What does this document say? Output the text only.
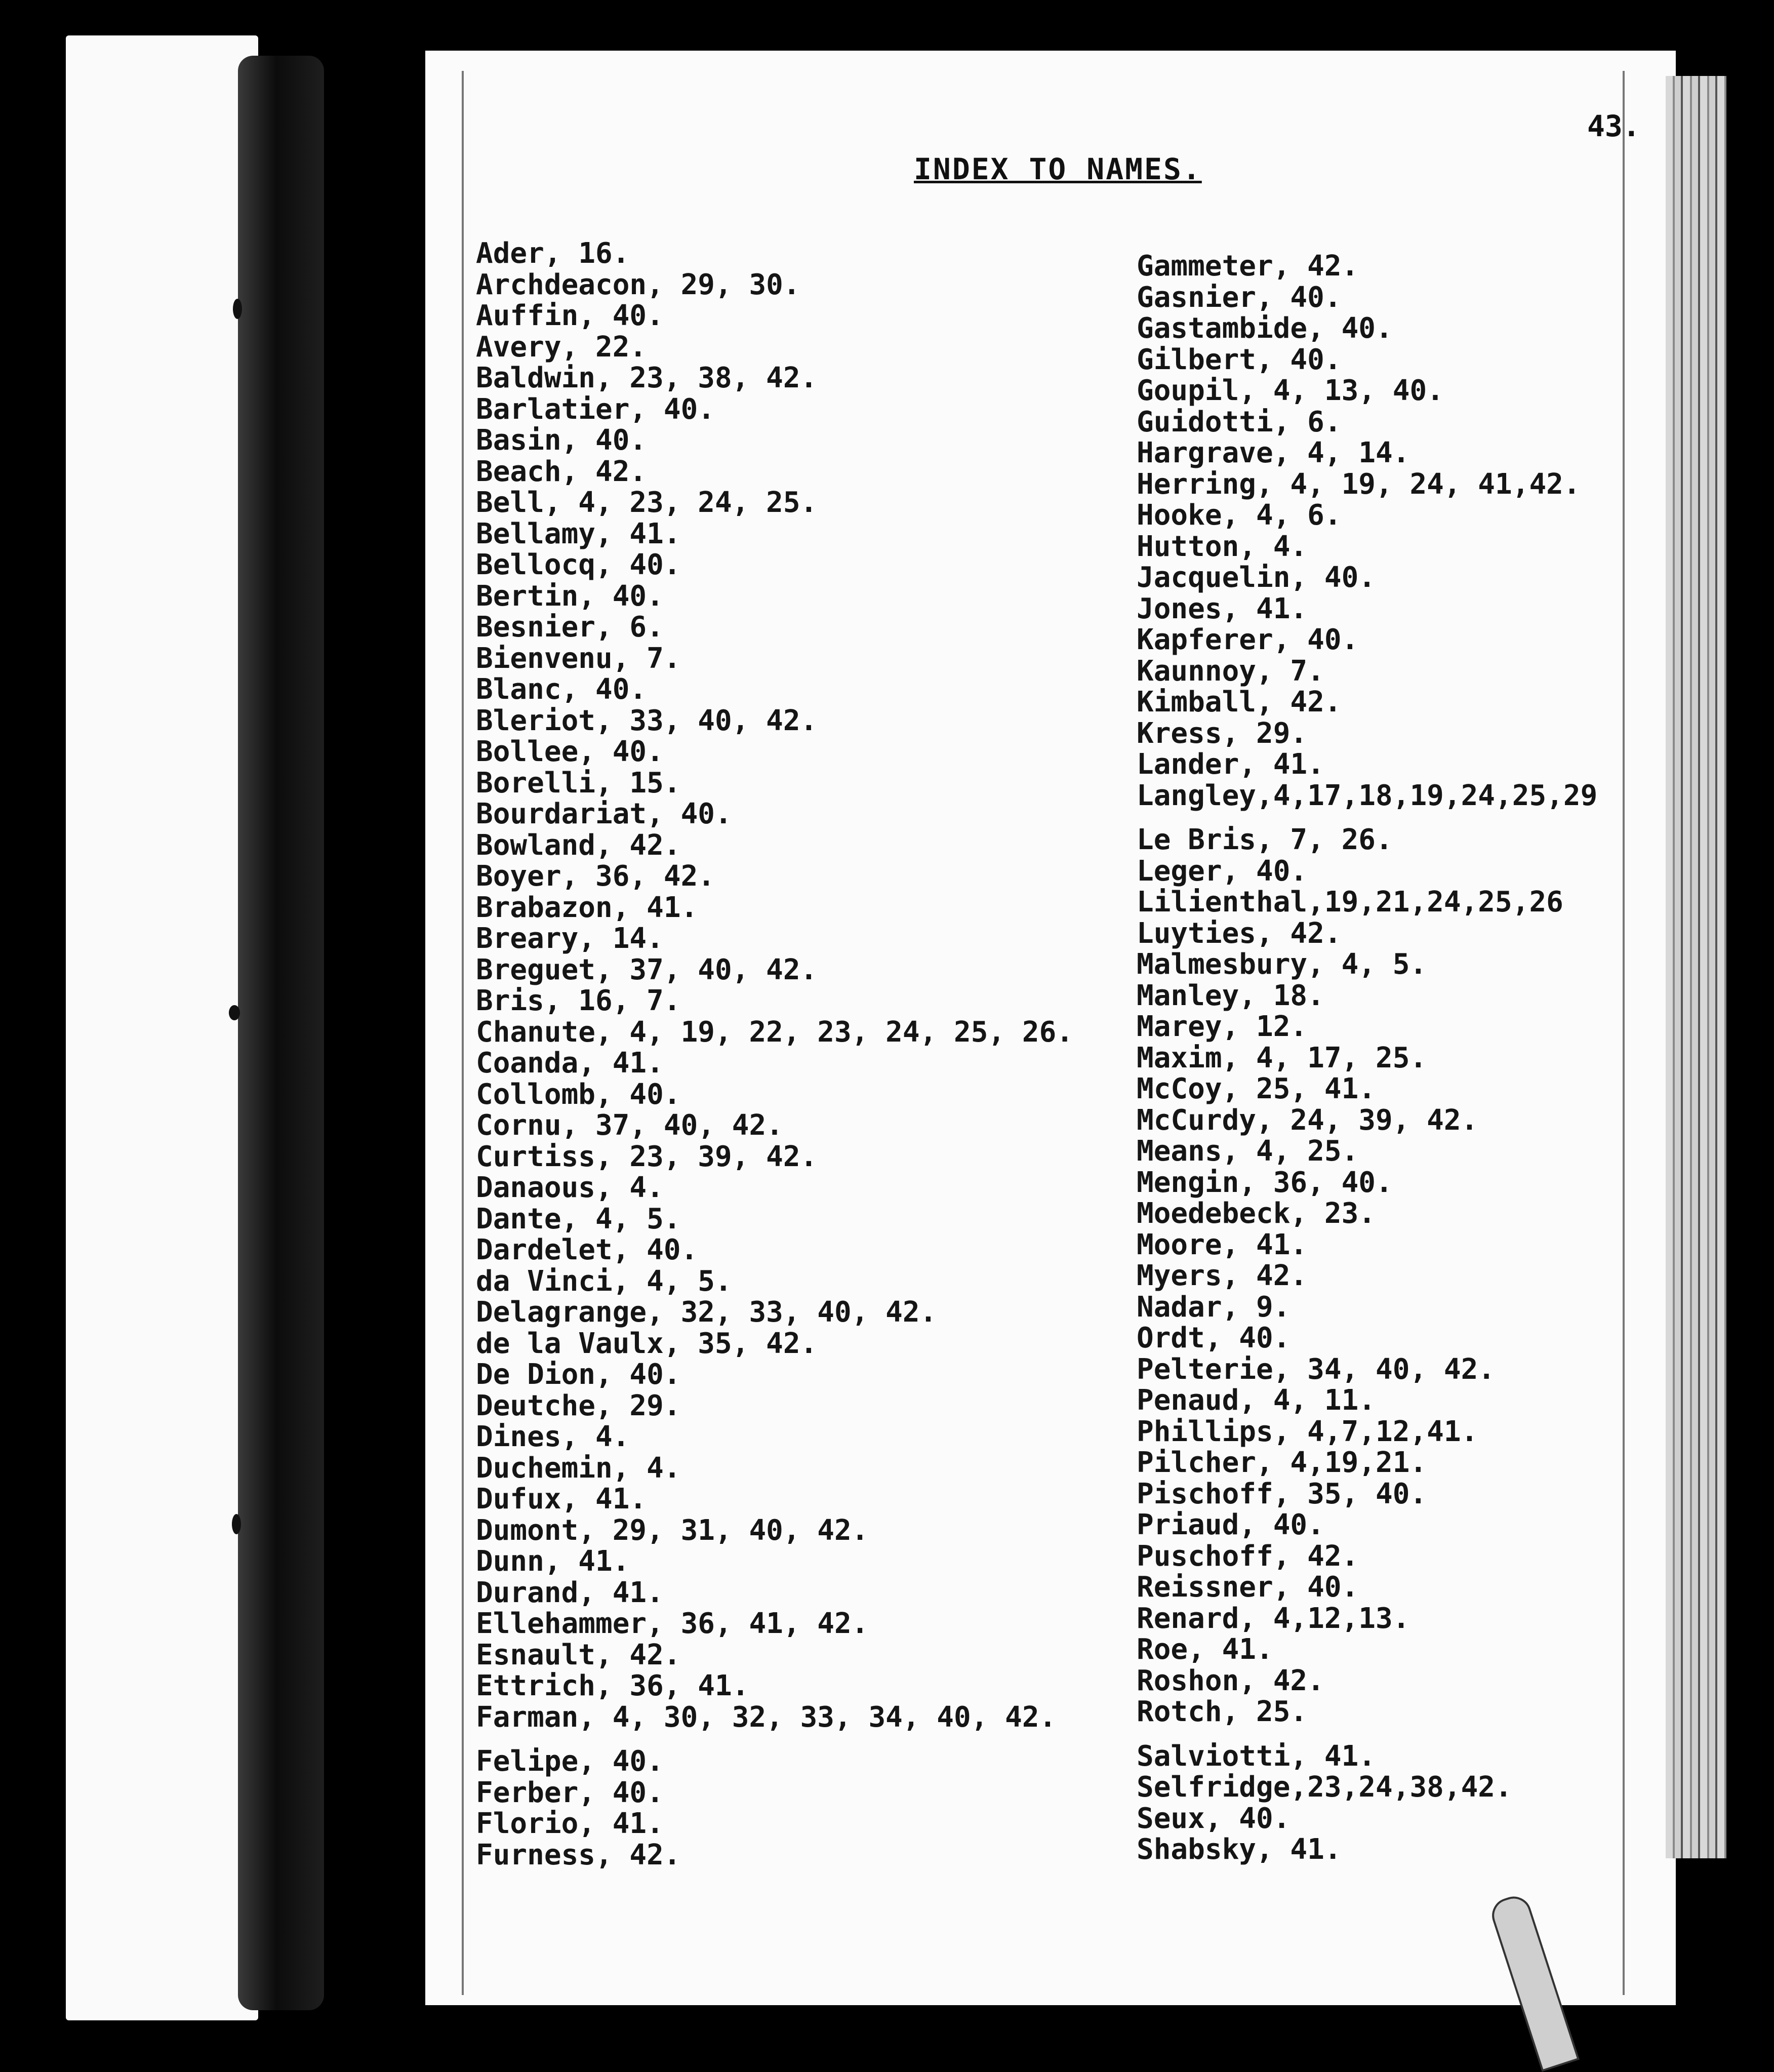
43.
INDEX TO NAMES.
Ader, 16.
Archdeacon, 29, 30.
Auffin, 40.
Avery, 22.
Baldwin, 23, 38, 42.
Barlatier, 40.
Basin, 40.
Beach, 42.
Bell, 4, 23, 24, 25.
Bellamy, 41.
Bellocq, 40.
Bertin, 40.
Besnier, 6.
Bienvenu, 7.
Blanc, 40.
Bleriot, 33, 40, 42.
Bollee, 40.
Borelli, 15.
Bourdariat, 40.
Bowland, 42.
Boyer, 36, 42.
Brabazon, 41.
Breary, 14.
Breguet, 37, 40, 42.
Bris, 16, 7.
Chanute, 4, 19, 22, 23, 24, 25, 26.
Coanda, 41.
Collomb, 40.
Cornu, 37, 40, 42.
Curtiss, 23, 39, 42.
Danaous, 4.
Dante, 4, 5.
Dardelet, 40.
da Vinci, 4, 5.
Delagrange, 32, 33, 40, 42.
de la Vaulx, 35, 42.
De Dion, 40.
Deutche, 29.
Dines, 4.
Duchemin, 4.
Dufux, 41.
Dumont, 29, 31, 40, 42.
Dunn, 41.
Durand, 41.
Ellehammer, 36, 41, 42.
Esnault, 42.
Ettrich, 36, 41.
Farman, 4, 30, 32, 33, 34, 40, 42.
Felipe, 40.
Ferber, 40.
Florio, 41.
Furness, 42.
Gammeter, 42.
Gasnier, 40.
Gastambide, 40.
Gilbert, 40.
Goupil, 4, 13, 40.
Guidotti, 6.
Hargrave, 4, 14.
Herring, 4, 19, 24, 41,42.
Hooke, 4, 6.
Hutton, 4.
Jacquelin, 40.
Jones, 41.
Kapferer, 40.
Kaunnoy, 7.
Kimball, 42.
Kress, 29.
Lander, 41.
Langley,4,17,18,19,24,25,29
Le Bris, 7, 26.
Leger, 40.
Lilienthal,19,21,24,25,26
Luyties, 42.
Malmesbury, 4, 5.
Manley, 18.
Marey, 12.
Maxim, 4, 17, 25.
McCoy, 25, 41.
McCurdy, 24, 39, 42.
Means, 4, 25.
Mengin, 36, 40.
Moedebeck, 23.
Moore, 41.
Myers, 42.
Nadar, 9.
Ordt, 40.
Pelterie, 34, 40, 42.
Penaud, 4, 11.
Phillips, 4,7,12,41.
Pilcher, 4,19,21.
Pischoff, 35, 40.
Priaud, 40.
Puschoff, 42.
Reissner, 40.
Renard, 4,12,13.
Roe, 41.
Roshon, 42.
Rotch, 25.
Salviotti, 41.
Selfridge,23,24,38,42.
Seux, 40.
Shabsky, 41.
